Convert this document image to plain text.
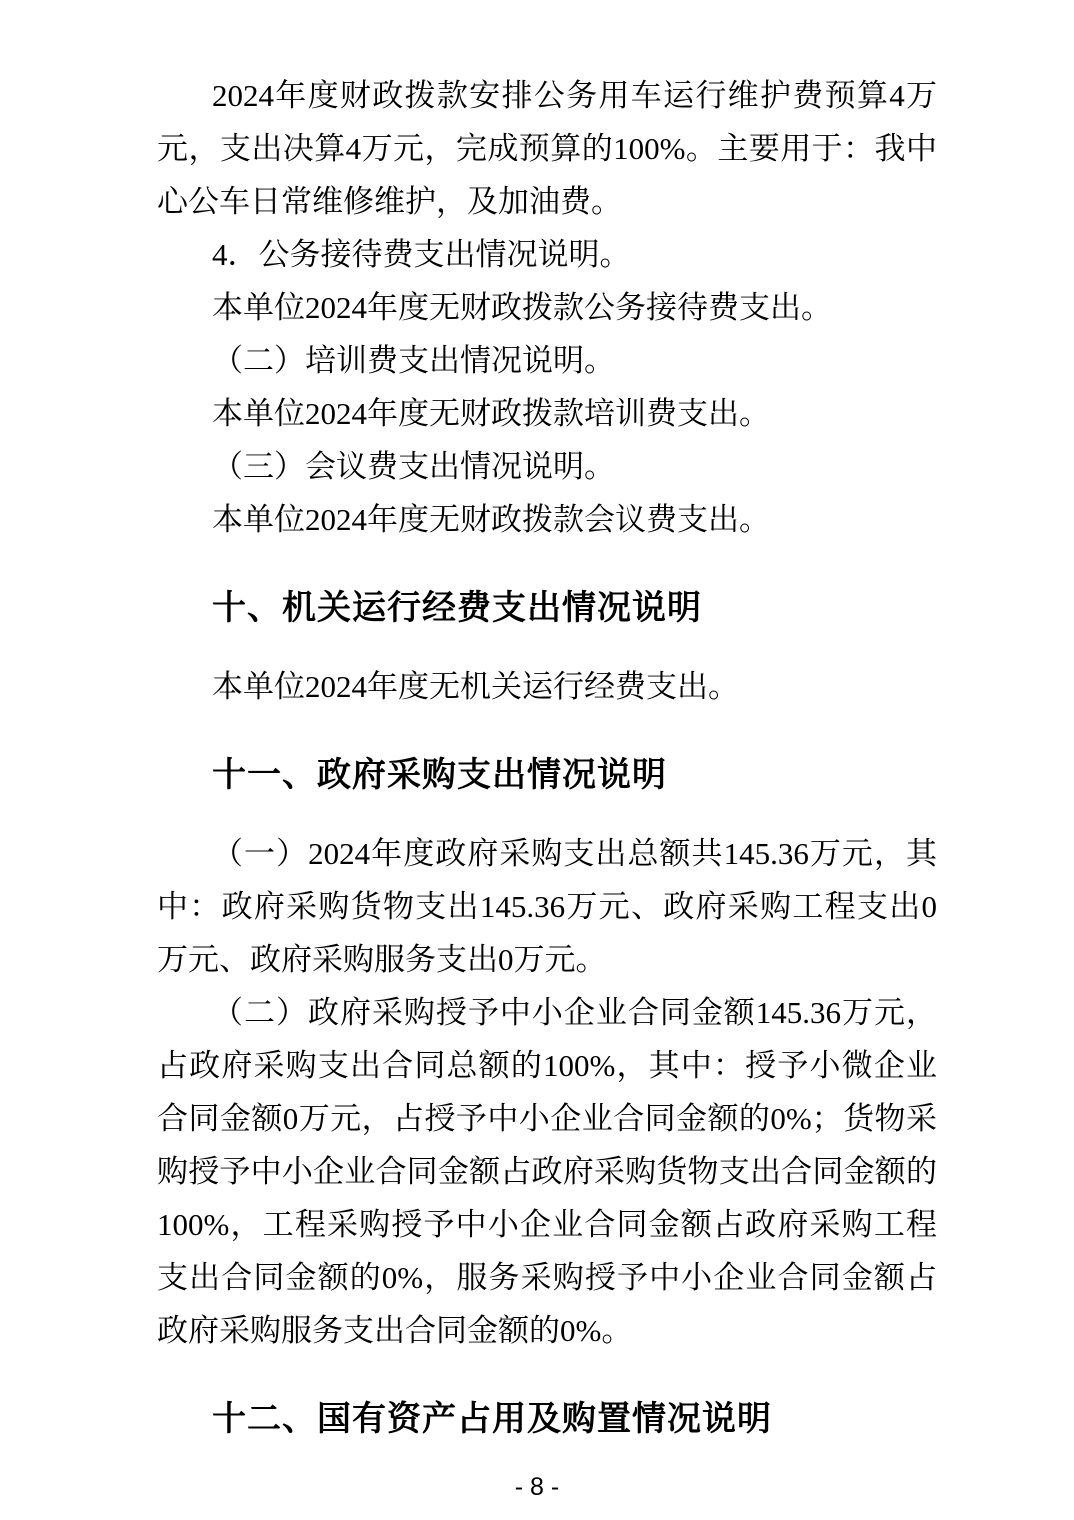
2024年度财政拨款安排公务用车运行维护费预算4万元，支出决算4万元，完成预算的100%。主要用于：我中心公车日常维修维护，及加油费。

4．公务接待费支出情况说明。

本单位2024年度无财政拨款公务接待费支出。

（二）培训费支出情况说明。

本单位2024年度无财政拨款培训费支出。

（三）会议费支出情况说明。

本单位2024年度无财政拨款会议费支出。

十、机关运行经费支出情况说明

本单位2024年度无机关运行经费支出。

十一、政府采购支出情况说明

（一）2024年度政府采购支出总额共145.36万元，其中：政府采购货物支出145.36万元、政府采购工程支出0万元、政府采购服务支出0万元。

（二）政府采购授予中小企业合同金额145.36万元，占政府采购支出合同总额的100%，其中：授予小微企业合同金额0万元，占授予中小企业合同金额的0%；货物采购授予中小企业合同金额占政府采购货物支出合同金额的100%，工程采购授予中小企业合同金额占政府采购工程支出合同金额的0%，服务采购授予中小企业合同金额占政府采购服务支出合同金额的0%。

十二、国有资产占用及购置情况说明
- 8 -
